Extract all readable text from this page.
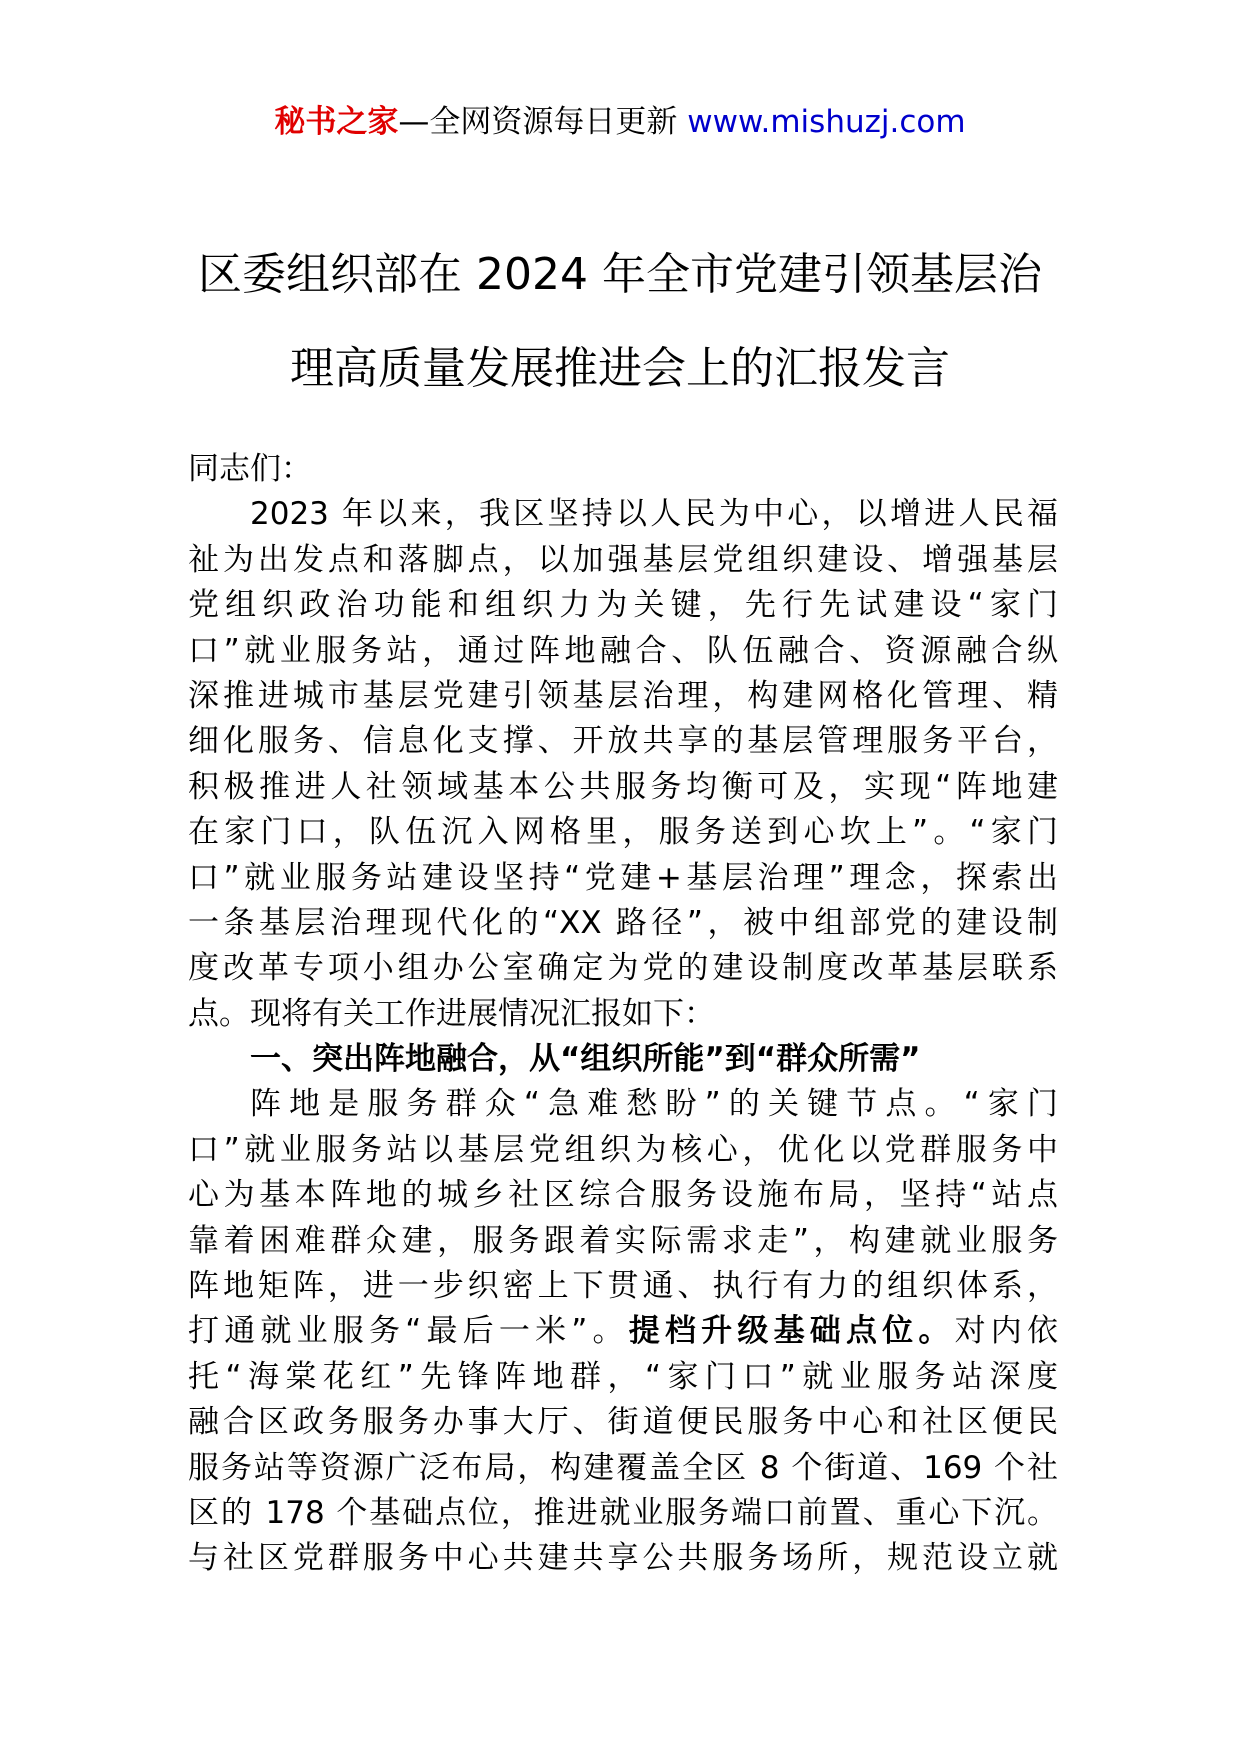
秘书之家—全网资源每日更新 www.mishuzj.com
区委组织部在 2024 年全市党建引领基层治
理高质量发展推进会上的汇报发言
同志们：
2023 年以来，我区坚持以人民为中心，以增进人民福
祉为出发点和落脚点，以加强基层党组织建设、增强基层
党组织政治功能和组织力为关键，先行先试建设“家门
口”就业服务站，通过阵地融合、队伍融合、资源融合纵
深推进城市基层党建引领基层治理，构建网格化管理、精
细化服务、信息化支撑、开放共享的基层管理服务平台，
积极推进人社领域基本公共服务均衡可及，实现“阵地建
在家门口，队伍沉入网格里，服务送到心坎上”。“家门
口”就业服务站建设坚持“党建+基层治理”理念，探索出
一条基层治理现代化的“XX 路径”，被中组部党的建设制
度改革专项小组办公室确定为党的建设制度改革基层联系
点。现将有关工作进展情况汇报如下：
一、突出阵地融合，从“组织所能”到“群众所需”
阵地是服务群众“急难愁盼”的关键节点。“家门
口”就业服务站以基层党组织为核心，优化以党群服务中
心为基本阵地的城乡社区综合服务设施布局，坚持“站点
靠着困难群众建，服务跟着实际需求走”，构建就业服务
阵地矩阵，进一步织密上下贯通、执行有力的组织体系，
打通就业服务“最后一米”。提档升级基础点位。对内依
托“海棠花红”先锋阵地群，“家门口”就业服务站深度
融合区政务服务办事大厅、街道便民服务中心和社区便民
服务站等资源广泛布局，构建覆盖全区 8 个街道、169 个社
区的 178 个基础点位，推进就业服务端口前置、重心下沉。
与社区党群服务中心共建共享公共服务场所，规范设立就
